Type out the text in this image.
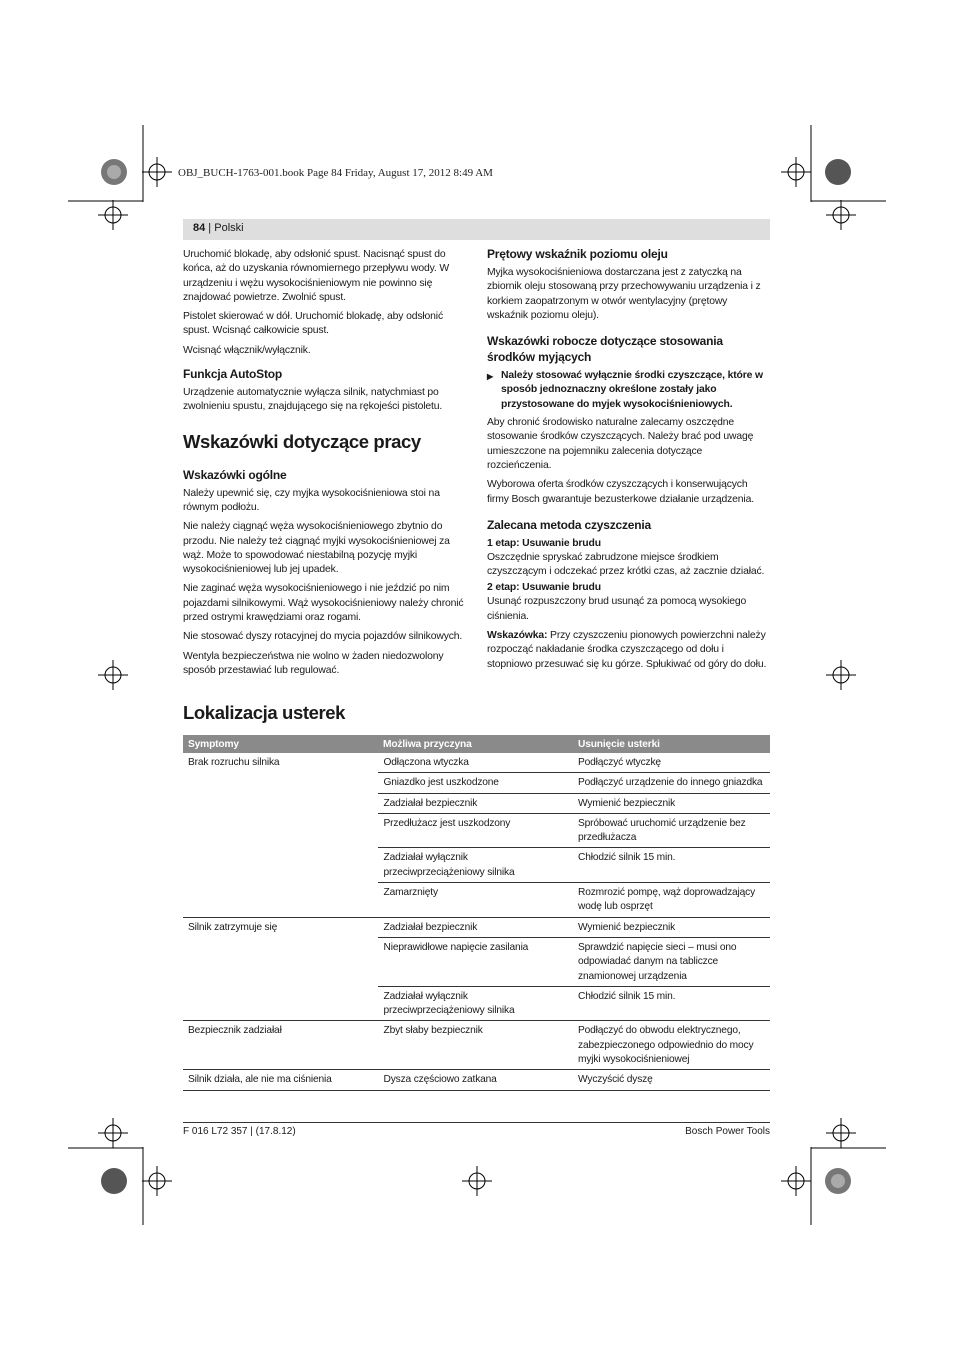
OBJ_BUCH-1763-001.book Page 84 Friday, August 17, 2012 8:49 AM
84 | Polski

Uruchomić blokadę, aby odsłonić spust. Nacisnąć spust do końca, aż do uzyskania równomiernego przepływu wody. W urządzeniu i wężu wysokociśnieniowym nie powinno się znajdować powietrze. Zwolnić spust.

Pistolet skierować w dół. Uruchomić blokadę, aby odsłonić spust. Wcisnąć całkowicie spust.

Wcisnąć włącznik/wyłącznik.

Funkcja AutoStop

Urządzenie automatycznie wyłącza silnik, natychmiast po zwolnieniu spustu, znajdującego się na rękojeści pistoletu.

Wskazówki dotyczące pracy
Wskazówki ogólne

Należy upewnić się, czy myjka wysokociśnieniowa stoi na równym podłożu.

Nie należy ciągnąć węża wysokociśnieniowego zbytnio do przodu. Nie należy też ciągnąć myjki wysokociśnieniowej za wąż. Może to spowodować niestabilną pozycję myjki wysokociśnieniowej lub jej upadek.

Nie zaginać węża wysokociśnieniowego i nie jeździć po nim pojazdami silnikowymi. Wąż wysokociśnieniowy należy chronić przed ostrymi krawędziami oraz rogami.

Nie stosować dyszy rotacyjnej do mycia pojazdów silnikowych.

Wentyla bezpieczeństwa nie wolno w żaden niedozwolony sposób przestawiać lub regulować.

Prętowy wskaźnik poziomu oleju

Myjka wysokociśnieniowa dostarczana jest z zatyczką na zbiornik oleju stosowaną przy przechowywaniu urządzenia i z korkiem zaopatrzonym w otwór wentylacyjny (prętowy wskaźnik poziomu oleju).

Wskazówki robocze dotyczące stosowania środków myjących
▶ Należy stosować wyłącznie środki czyszczące, które w sposób jednoznaczny określone zostały jako przystosowane do myjek wysokociśnieniowych.

Aby chronić środowisko naturalne zalecamy oszczędne stosowanie środków czyszczących. Należy brać pod uwagę umieszczone na pojemniku zalecenia dotyczące rozcieńczenia.

Wyborowa oferta środków czyszczących i konserwujących firmy Bosch gwarantuje bezusterkowe działanie urządzenia.

Zalecana metoda czyszczenia
1 etap: Usuwanie brudu

Oszczędnie spryskać zabrudzone miejsce środkiem czyszczącym i odczekać przez krótki czas, aż zacznie działać.

2 etap: Usuwanie brudu

Usunąć rozpuszczony brud usunąć za pomocą wysokiego ciśnienia.

Wskazówka: Przy czyszczeniu pionowych powierzchni należy rozpocząć nakładanie środka czyszczącego od dołu i stopniowo przesuwać się ku górze. Spłukiwać od góry do dołu.

Lokalizacja usterek
Symptomy	Możliwa przyczyna	Usunięcie usterki
Brak rozruchu silnika	Odłączona wtyczka	Podłączyć wtyczkę
	Gniazdko jest uszkodzone	Podłączyć urządzenie do innego gniazdka
	Zadziałał bezpiecznik	Wymienić bezpiecznik
	Przedłużacz jest uszkodzony	Spróbować uruchomić urządzenie bez przedłużacza
	Zadziałał wyłącznik przeciwprzeciążeniowy silnika	Chłodzić silnik 15 min.
	Zamarznięty	Rozmrozić pompę, wąż doprowadzający wodę lub osprzęt
Silnik zatrzymuje się	Zadziałał bezpiecznik	Wymienić bezpiecznik
	Nieprawidłowe napięcie zasilania	Sprawdzić napięcie sieci – musi ono odpowiadać danym na tabliczce znamionowej urządzenia
	Zadziałał wyłącznik przeciwprzeciążeniowy silnika	Chłodzić silnik 15 min.
Bezpiecznik zadziałał	Zbyt słaby bezpiecznik	Podłączyć do obwodu elektrycznego, zabezpieczonego odpowiednio do mocy myjki wysokociśnieniowej
Silnik działa, ale nie ma ciśnienia	Dysza częściowo zatkana	Wyczyścić dyszę
F 016 L72 357 | (17.8.12)	Bosch Power Tools
